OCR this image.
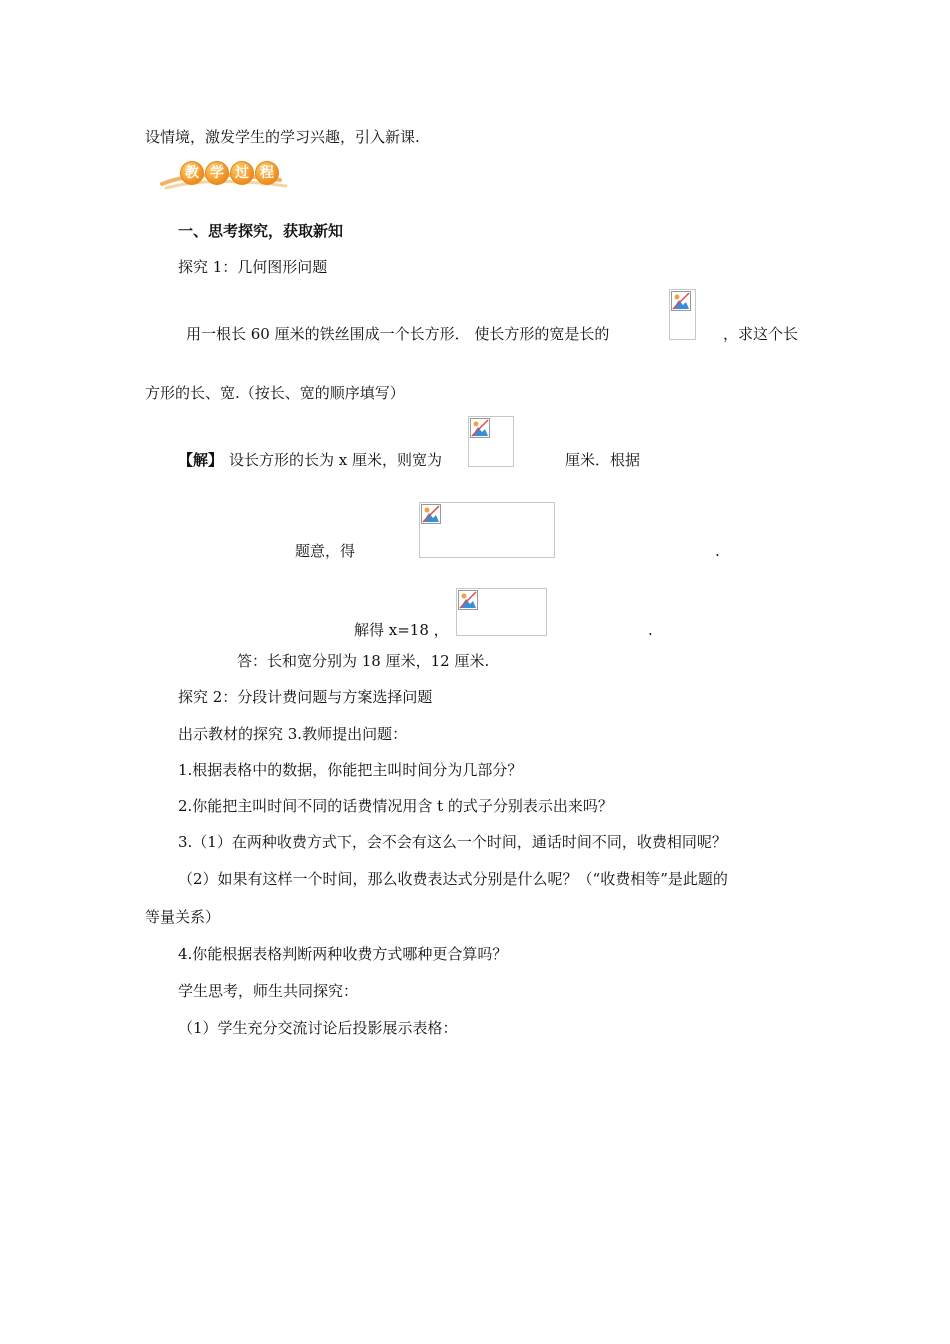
设情境，激发学生的学习兴趣，引入新课.
教 学 过 程
一、思考探究，获取新知
探究 1：几何图形问题
用一根长 60 厘米的铁丝围成一个长方形． 使长方形的宽是长的	，求这个长
方形的长、宽.（按长、宽的顺序填写）
【解】 设长方形的长为 x 厘米，则宽为	厘米．根据
题意，得	.
解得 x=18 ，	.
答：长和宽分别为 18 厘米，12 厘米.
探究 2：分段计费问题与方案选择问题
出示教材的探究 3.教师提出问题：
1.根据表格中的数据，你能把主叫时间分为几部分？
2.你能把主叫时间不同的话费情况用含 t 的式子分别表示出来吗？
3.（1）在两种收费方式下，会不会有这么一个时间，通话时间不同，收费相同呢？
（2）如果有这样一个时间，那么收费表达式分别是什么呢？（“收费相等”是此题的
等量关系）
4.你能根据表格判断两种收费方式哪种更合算吗？
学生思考，师生共同探究：
（1）学生充分交流讨论后投影展示表格：
